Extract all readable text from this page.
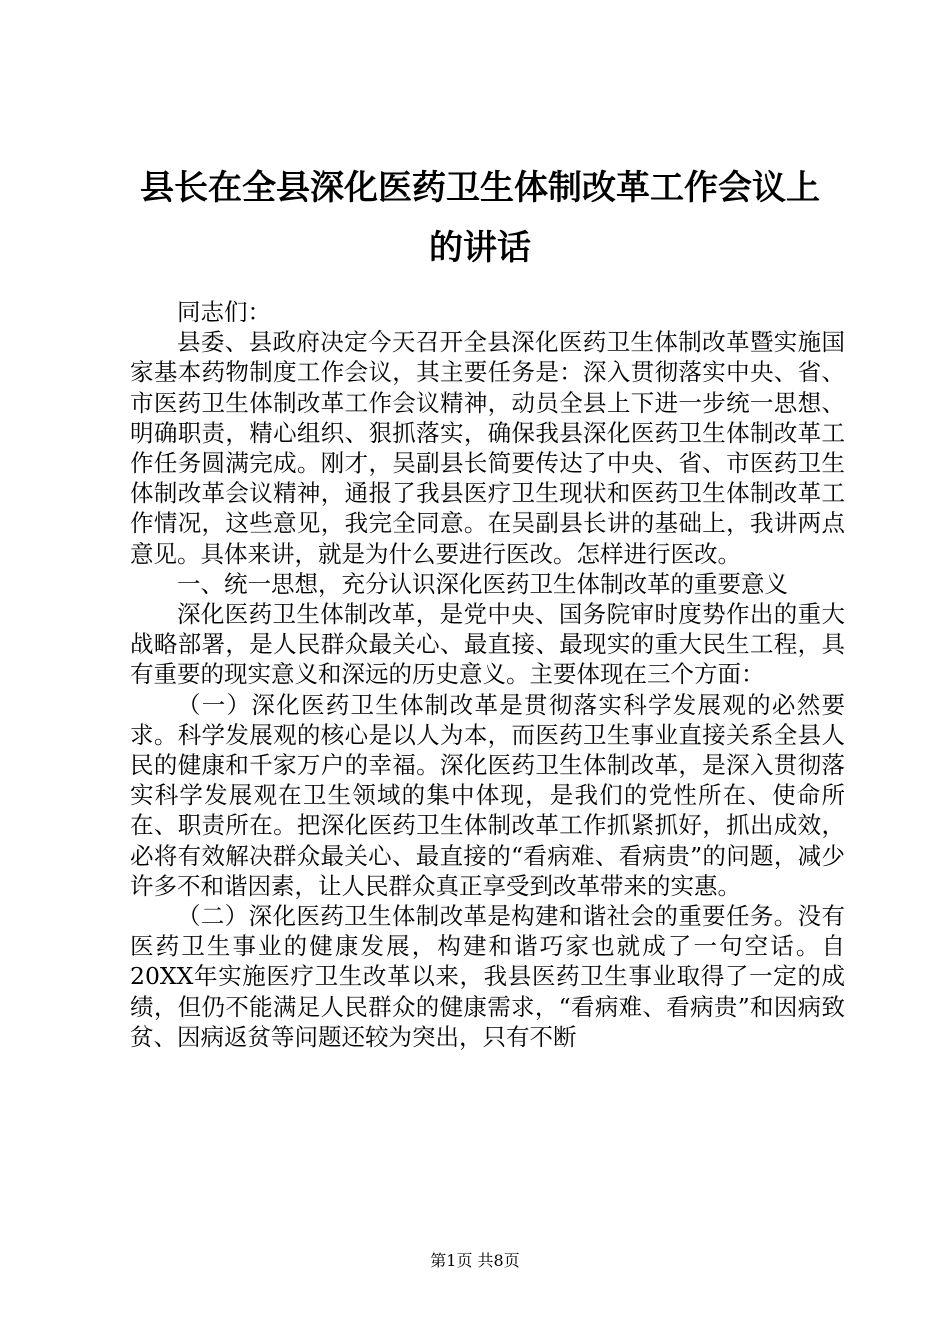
县长在全县深化医药卫生体制改革工作会议上
的讲话

同志们：

县委、县政府决定今天召开全县深化医药卫生体制改革暨实施国家基本药物制度工作会议，其主要任务是：深入贯彻落实中央、省、市医药卫生体制改革工作会议精神，动员全县上下进一步统一思想、明确职责，精心组织、狠抓落实，确保我县深化医药卫生体制改革工作任务圆满完成。刚才，吴副县长简要传达了中央、省、市医药卫生体制改革会议精神，通报了我县医疗卫生现状和医药卫生体制改革工作情况，这些意见，我完全同意。在吴副县长讲的基础上，我讲两点意见。具体来讲，就是为什么要进行医改。怎样进行医改。

一、统一思想，充分认识深化医药卫生体制改革的重要意义

深化医药卫生体制改革，是党中央、国务院审时度势作出的重大战略部署，是人民群众最关心、最直接、最现实的重大民生工程，具有重要的现实意义和深远的历史意义。主要体现在三个方面：

（一）深化医药卫生体制改革是贯彻落实科学发展观的必然要求。科学发展观的核心是以人为本，而医药卫生事业直接关系全县人民的健康和千家万户的幸福。深化医药卫生体制改革，是深入贯彻落实科学发展观在卫生领域的集中体现，是我们的党性所在、使命所在、职责所在。把深化医药卫生体制改革工作抓紧抓好，抓出成效，必将有效解决群众最关心、最直接的“看病难、看病贵”的问题，减少许多不和谐因素，让人民群众真正享受到改革带来的实惠。

（二）深化医药卫生体制改革是构建和谐社会的重要任务。没有医药卫生事业的健康发展，构建和谐巧家也就成了一句空话。自20XX年实施医疗卫生改革以来，我县医药卫生事业取得了一定的成绩，但仍不能满足人民群众的健康需求，“看病难、看病贵”和因病致贫、因病返贫等问题还较为突出，只有不断

第1页 共8页
